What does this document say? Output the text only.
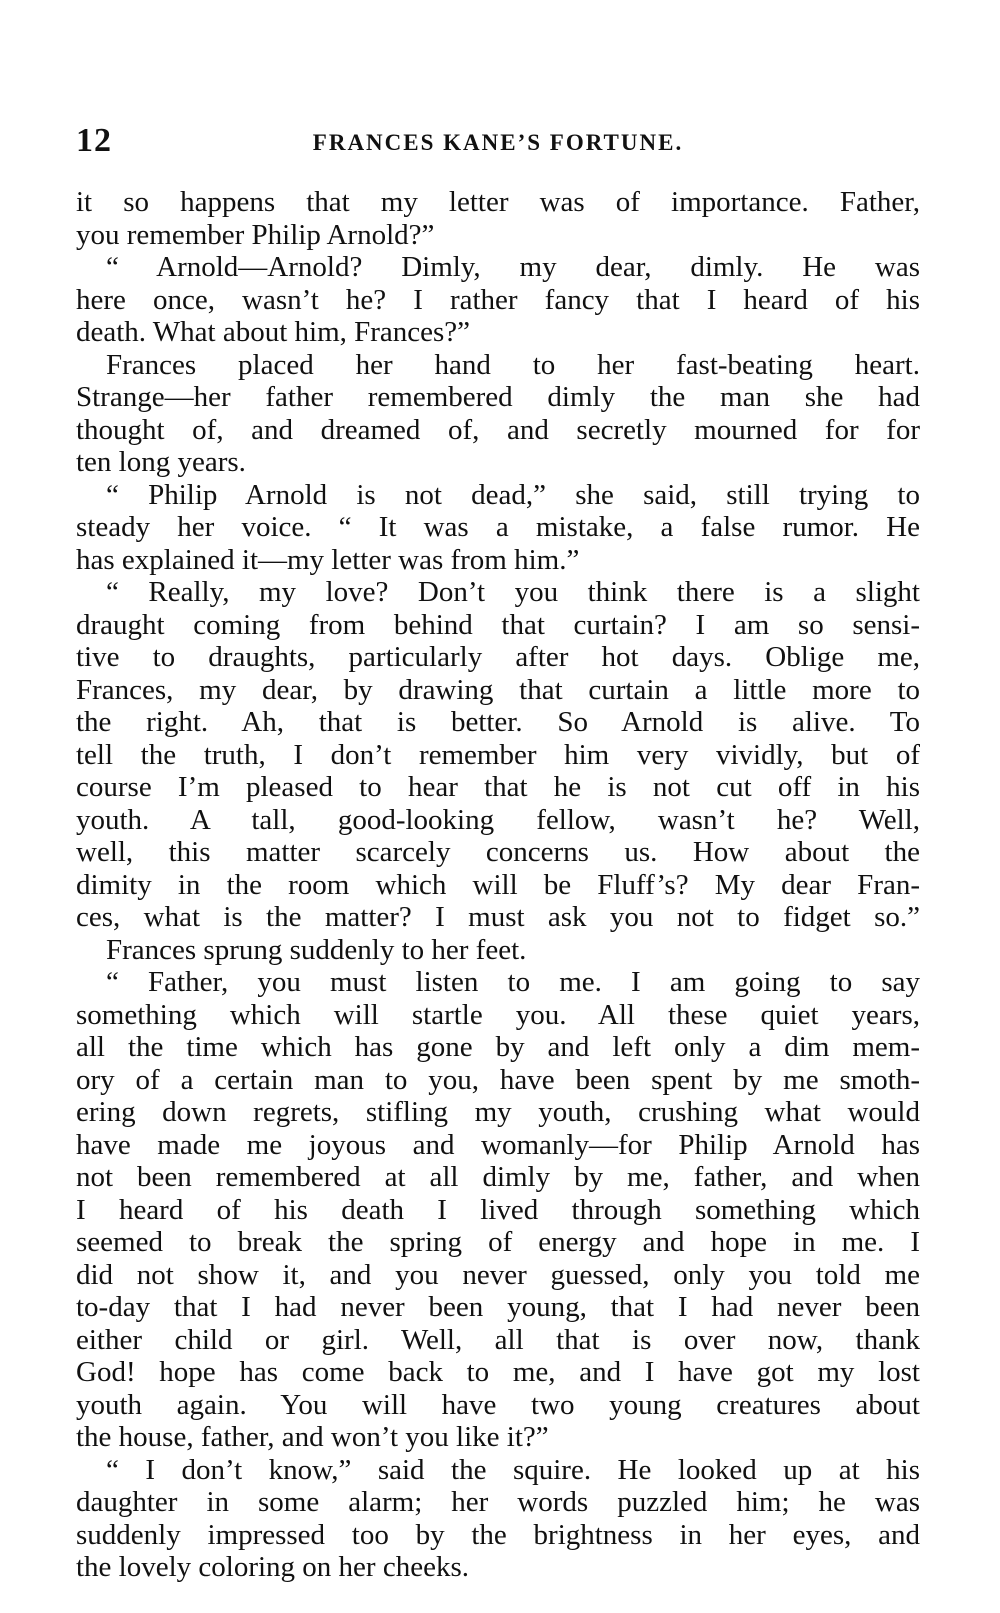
12	FRANCES KANE’S FORTUNE.
it so happens that my letter was of importance. Father,
you remember Philip Arnold?”
“ Arnold—Arnold? Dimly, my dear, dimly. He was
here once, wasn’t he? I rather fancy that I heard of his
death. What about him, Frances?”
Frances placed her hand to her fast-beating heart.
Strange—her father remembered dimly the man she had
thought of, and dreamed of, and secretly mourned for for
ten long years.
“ Philip Arnold is not dead,” she said, still trying to
steady her voice. “ It was a mistake, a false rumor. He
has explained it—my letter was from him.”
“ Really, my love? Don’t you think there is a slight
draught coming from behind that curtain? I am so sensi-
tive to draughts, particularly after hot days. Oblige me,
Frances, my dear, by drawing that curtain a little more to
the right. Ah, that is better. So Arnold is alive. To
tell the truth, I don’t remember him very vividly, but of
course I’m pleased to hear that he is not cut off in his
youth. A tall, good-looking fellow, wasn’t he? Well,
well, this matter scarcely concerns us. How about the
dimity in the room which will be Fluff’s? My dear Fran-
ces, what is the matter? I must ask you not to fidget so.”
Frances sprung suddenly to her feet.
“ Father, you must listen to me. I am going to say
something which will startle you. All these quiet years,
all the time which has gone by and left only a dim mem-
ory of a certain man to you, have been spent by me smoth-
ering down regrets, stifling my youth, crushing what would
have made me joyous and womanly—for Philip Arnold has
not been remembered at all dimly by me, father, and when
I heard of his death I lived through something which
seemed to break the spring of energy and hope in me. I
did not show it, and you never guessed, only you told me
to-day that I had never been young, that I had never been
either child or girl. Well, all that is over now, thank
God! hope has come back to me, and I have got my lost
youth again. You will have two young creatures about
the house, father, and won’t you like it?”
“ I don’t know,” said the squire. He looked up at his
daughter in some alarm; her words puzzled him; he was
suddenly impressed too by the brightness in her eyes, and
the lovely coloring on her cheeks.
